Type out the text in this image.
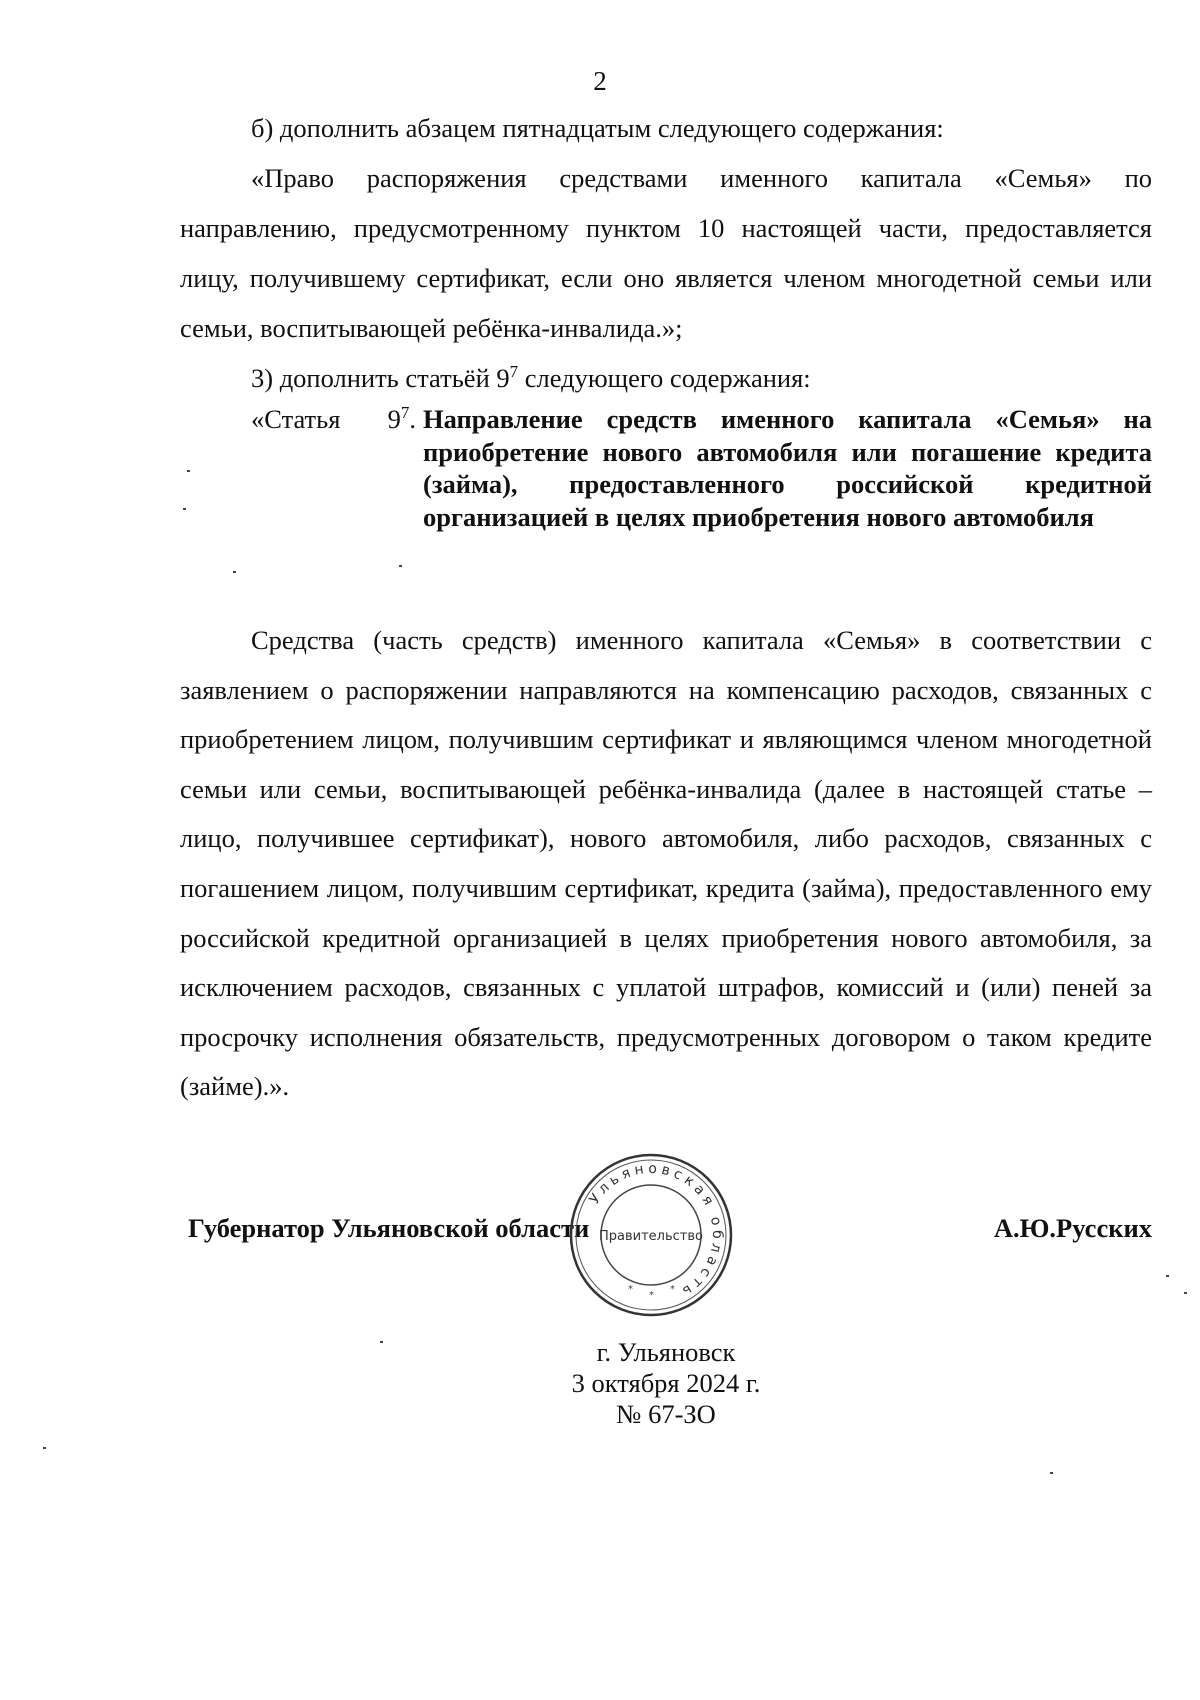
2

б) дополнить абзацем пятнадцатым следующего содержания:

«Право распоряжения средствами именного капитала «Семья» по направлению, предусмотренному пунктом 10 настоящей части, предоставляется лицу, получившему сертификат, если оно является членом многодетной семьи или семьи, воспитывающей ребёнка-инвалида.»;

3) дополнить статьёй $9^7$ следующего содержания:

«Статья $9^7$. Направление средств именного капитала «Семья» на приобретение нового автомобиля или погашение кредита (займа), предоставленного российской кредитной организацией в целях приобретения нового автомобиля

Средства (часть средств) именного капитала «Семья» в соответствии с заявлением о распоряжении направляются на компенсацию расходов, связанных с приобретением лицом, получившим сертификат и являющимся членом многодетной семьи или семьи, воспитывающей ребёнка-инвалида (далее в настоящей статье – лицо, получившее сертификат), нового автомобиля, либо расходов, связанных с погашением лицом, получившим сертификат, кредита (займа), предоставленного ему российской кредитной организацией в целях приобретения нового автомобиля, за исключением расходов, связанных с уплатой штрафов, комиссий и (или) пеней за просрочку исполнения обязательств, предусмотренных договором о таком кредите (займе).».

Губернатор Ульяновской области	А.Ю.Русских
Ульяновская область
Правительство
*
*
*
г. Ульяновск
3 октября 2024 г.
№ 67-ЗО
